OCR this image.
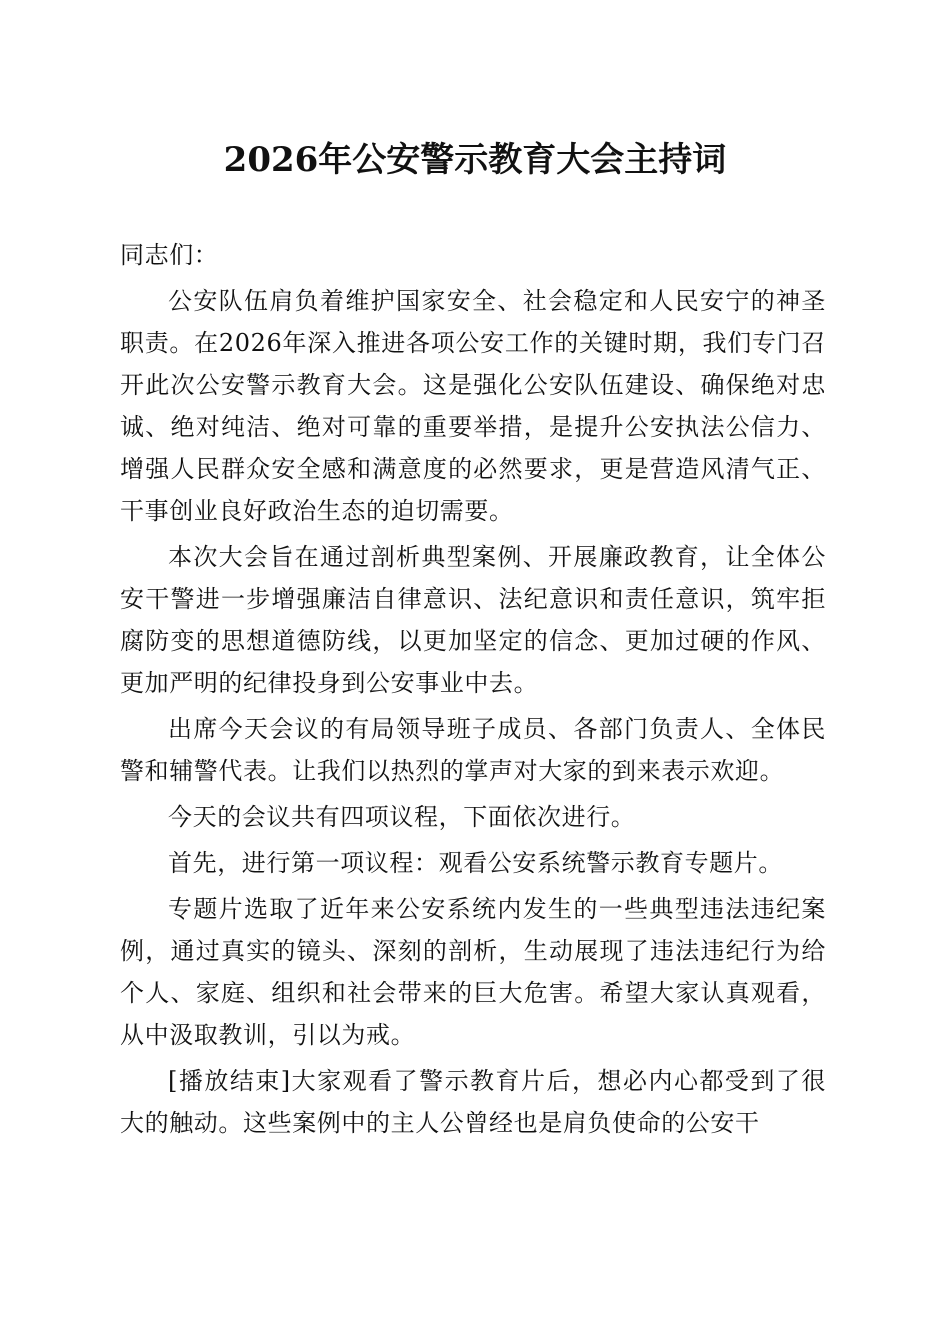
2026年公安警示教育大会主持词

同志们：

公安队伍肩负着维护国家安全、社会稳定和人民安宁的神圣职责。在2026年深入推进各项公安工作的关键时期，我们专门召开此次公安警示教育大会。这是强化公安队伍建设、确保绝对忠诚、绝对纯洁、绝对可靠的重要举措，是提升公安执法公信力、增强人民群众安全感和满意度的必然要求，更是营造风清气正、干事创业良好政治生态的迫切需要。

本次大会旨在通过剖析典型案例、开展廉政教育，让全体公安干警进一步增强廉洁自律意识、法纪意识和责任意识，筑牢拒腐防变的思想道德防线，以更加坚定的信念、更加过硬的作风、更加严明的纪律投身到公安事业中去。

出席今天会议的有局领导班子成员、各部门负责人、全体民警和辅警代表。让我们以热烈的掌声对大家的到来表示欢迎。

今天的会议共有四项议程，下面依次进行。

首先，进行第一项议程：观看公安系统警示教育专题片。

专题片选取了近年来公安系统内发生的一些典型违法违纪案例，通过真实的镜头、深刻的剖析，生动展现了违法违纪行为给个人、家庭、组织和社会带来的巨大危害。希望大家认真观看，从中汲取教训，引以为戒。

[播放结束]大家观看了警示教育片后，想必内心都受到了很大的触动。这些案例中的主人公曾经也是肩负使命的公安干
